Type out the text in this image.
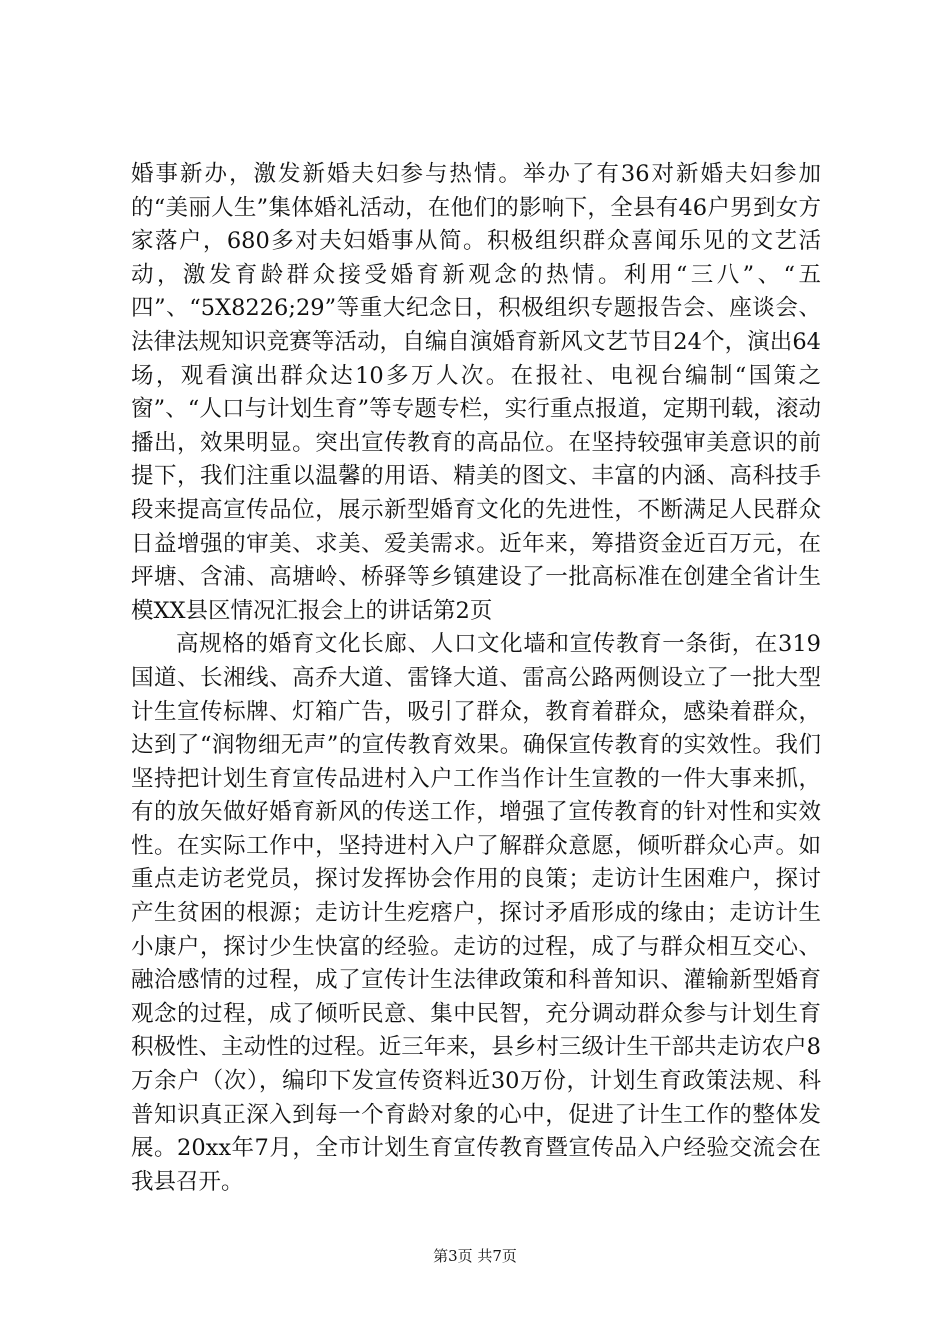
婚事新办，激发新婚夫妇参与热情。举办了有36对新婚夫妇参加的“美丽人生”集体婚礼活动，在他们的影响下，全县有46户男到女方家落户，680多对夫妇婚事从简。积极组织群众喜闻乐见的文艺活动，激发育龄群众接受婚育新观念的热情。利用“三八”、“五四”、“5X8226;29”等重大纪念日，积极组织专题报告会、座谈会、法律法规知识竞赛等活动，自编自演婚育新风文艺节目24个，演出64场，观看演出群众达10多万人次。在报社、电视台编制“国策之窗”、“人口与计划生育”等专题专栏，实行重点报道，定期刊载，滚动播出，效果明显。突出宣传教育的高品位。在坚持较强审美意识的前提下，我们注重以温馨的用语、精美的图文、丰富的内涵、高科技手段来提高宣传品位，展示新型婚育文化的先进性，不断满足人民群众日益增强的审美、求美、爱美需求。近年来，筹措资金近百万元，在坪塘、含浦、高塘岭、桥驿等乡镇建设了一批高标准在创建全省计生模XX县区情况汇报会上的讲话第2页

高规格的婚育文化长廊、人口文化墙和宣传教育一条街，在319国道、长湘线、高乔大道、雷锋大道、雷高公路两侧设立了一批大型计生宣传标牌、灯箱广告，吸引了群众，教育着群众，感染着群众，达到了“润物细无声”的宣传教育效果。确保宣传教育的实效性。我们坚持把计划生育宣传品进村入户工作当作计生宣教的一件大事来抓，有的放矢做好婚育新风的传送工作，增强了宣传教育的针对性和实效性。在实际工作中，坚持进村入户了解群众意愿，倾听群众心声。如重点走访老党员，探讨发挥协会作用的良策；走访计生困难户，探讨产生贫困的根源；走访计生疙瘩户，探讨矛盾形成的缘由；走访计生小康户，探讨少生快富的经验。走访的过程，成了与群众相互交心、融洽感情的过程，成了宣传计生法律政策和科普知识、灌输新型婚育观念的过程，成了倾听民意、集中民智，充分调动群众参与计划生育积极性、主动性的过程。近三年来，县乡村三级计生干部共走访农户8万余户（次），编印下发宣传资料近30万份，计划生育政策法规、科普知识真正深入到每一个育龄对象的心中，促进了计生工作的整体发展。20xx年7月，全市计划生育宣传教育暨宣传品入户经验交流会在我县召开。

第3页 共7页
